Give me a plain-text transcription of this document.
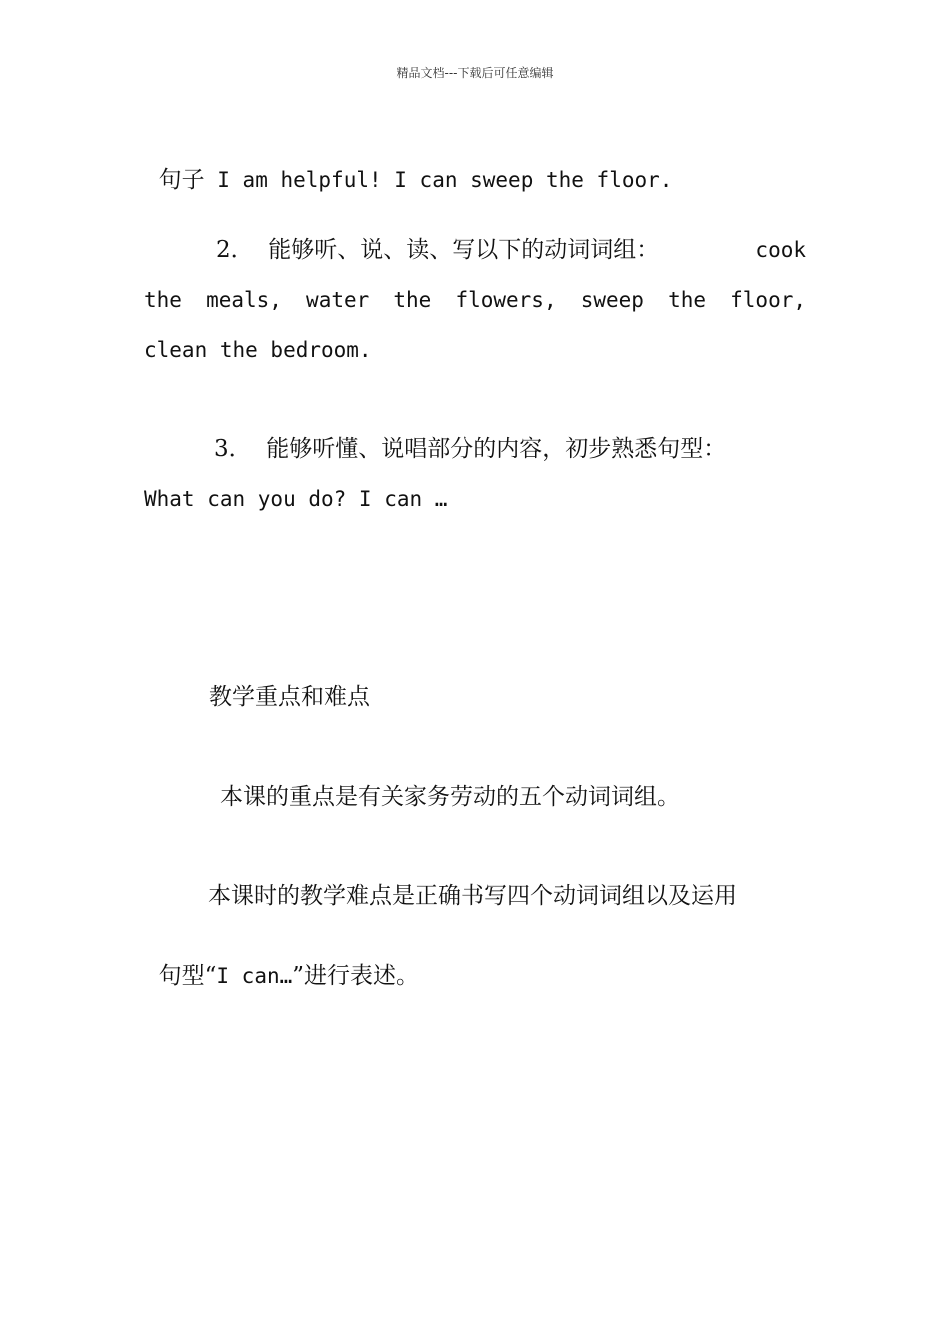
精品文档---下载后可任意编辑

句子 I am helpful! I can sweep the floor.

2．  能够听、说、读、写以下的动词词组：	cook
the meals, water the flowers, sweep the floor,
clean the bedroom.
3．  能够听懂、说唱部分的内容，初步熟悉句型：
What can you do? I can …
教学重点和难点
本课的重点是有关家务劳动的五个动词词组。
本课时的教学难点是正确书写四个动词词组以及运用

句型“I can…”进行表述。
